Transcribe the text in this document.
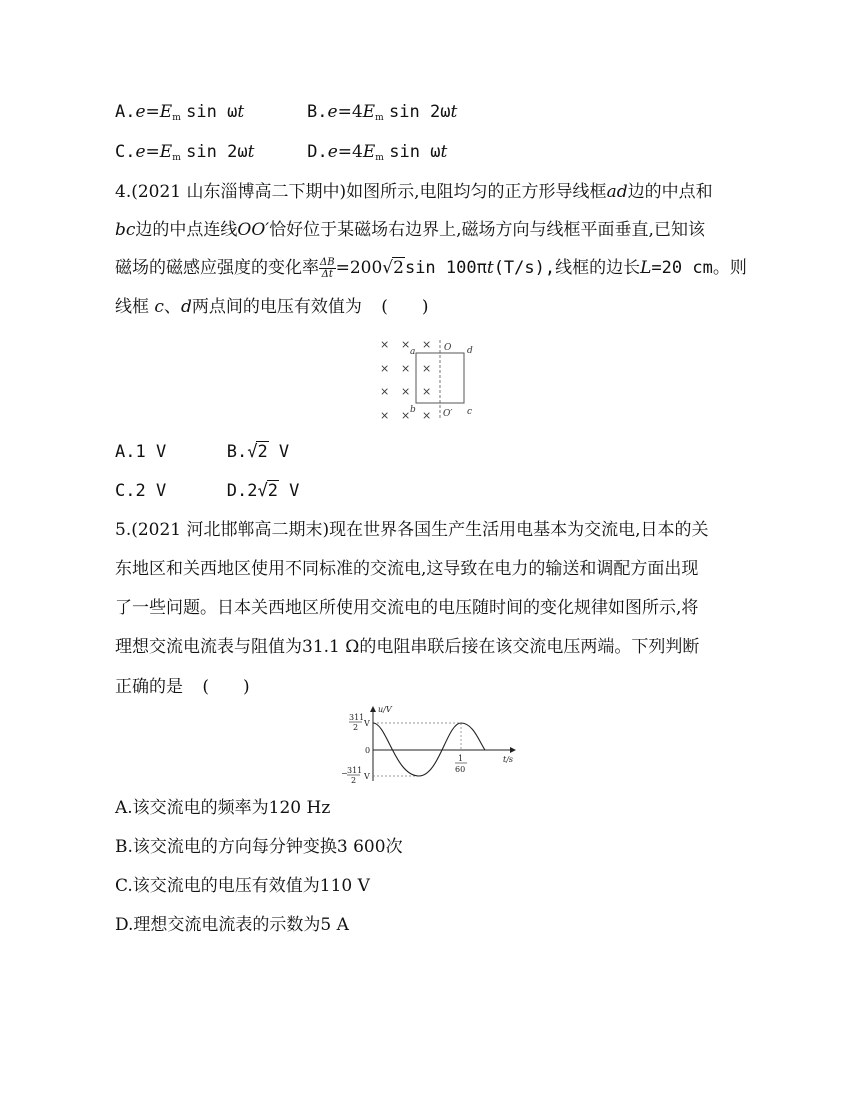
$A.e=E_m$ sin ωt	$B.e=4E_m$ sin 2ωt
$C.e=E_m$ sin 2ωt	$D.e=4E_m$ sin ωt
4.(2021 山东淄博高二下期中)如图所示,电阻均匀的正方形导线框ad边的中点和
bc边的中点连线OO′恰好位于某磁场右边界上,磁场方向与线框平面垂直,已知该
磁场的磁感应强度的变化率 $\frac{\Delta B}{\Delta t} =200√2\sin$ 100πt(T/s),线框的边长L=20 cm。则
线框 c、d两点间的电压有效值为 (　　)
× × ×
× × ×
× × ×
× × ×
a
b	c
d
O
O′
A.1 V	B.√2 V
C.2 V	D.2√2 V
5.(2021 河北邯郸高二期末)现在世界各国生产生活用电基本为交流电,日本的关
东地区和关西地区使用不同标准的交流电,这导致在电力的输送和调配方面出现
了一些问题。日本关西地区所使用交流电的电压随时间的变化规律如图所示,将
理想交流电流表与阻值为31.1 Ω的电阻串联后接在该交流电压两端。下列判断
正确的是 (　　)
u/V
t/s
0
311
2 V
− 311
2 V
1
60
A.该交流电的频率为120 Hz
B.该交流电的方向每分钟变换3 600次
C.该交流电的电压有效值为110 V
D.理想交流电流表的示数为5 A
